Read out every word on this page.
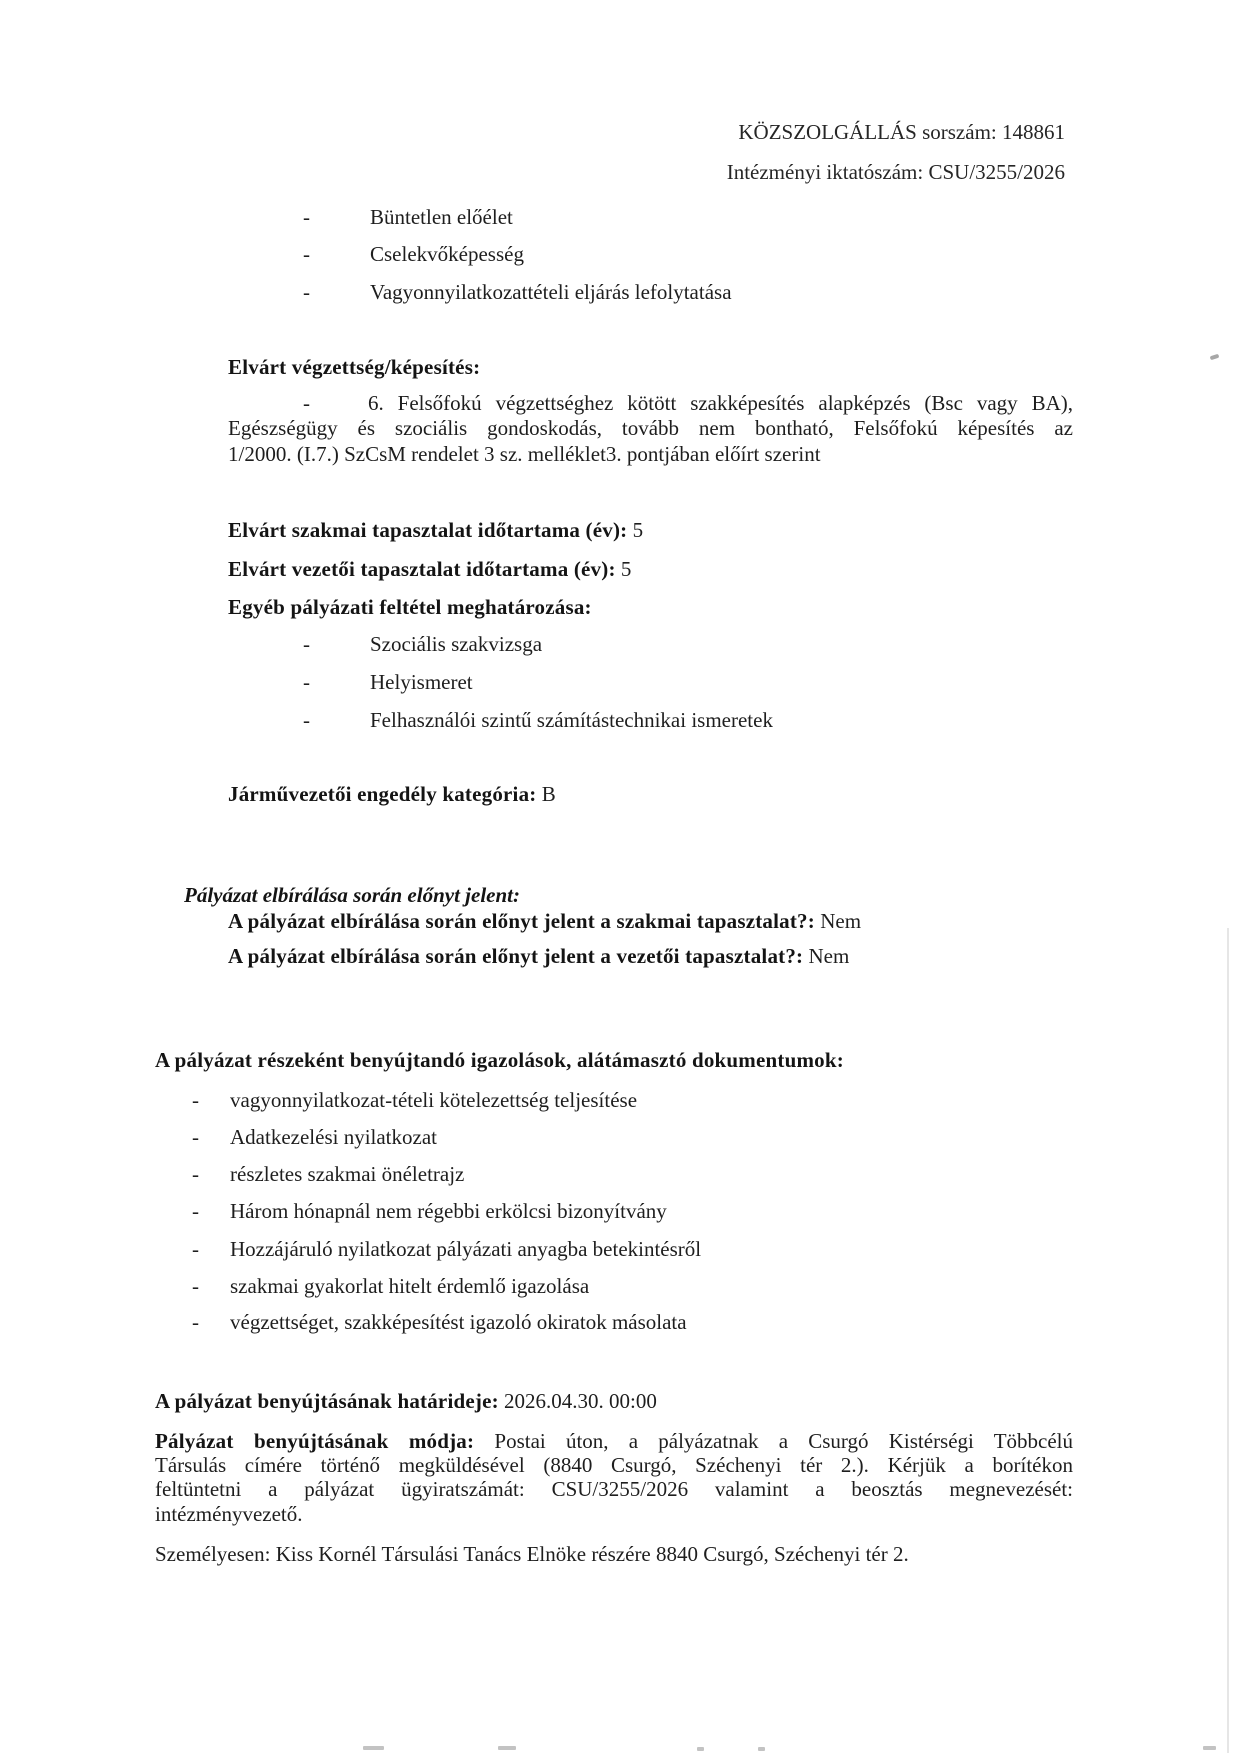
KÖZSZOLGÁLLÁS sorszám: 148861
Intézményi iktatószám: CSU/3255/2026
-	Büntetlen előélet
-	Cselekvőképesség
-	Vagyonnyilatkozattételi eljárás lefolytatása
Elvárt végzettség/képesítés:
-	6. Felsőfokú végzettséghez kötött szakképesítés alapképzés (Bsc vagy BA),
Egészségügy és szociális gondoskodás, tovább nem bontható, Felsőfokú képesítés az
1/2000. (I.7.) SzCsM rendelet 3 sz. melléklet3. pontjában előírt szerint
Elvárt szakmai tapasztalat időtartama (év): 5
Elvárt vezetői tapasztalat időtartama (év): 5
Egyéb pályázati feltétel meghatározása:
-	Szociális szakvizsga
-	Helyismeret
-	Felhasználói szintű számítástechnikai ismeretek
Járművezetői engedély kategória: B
Pályázat elbírálása során előnyt jelent:
A pályázat elbírálása során előnyt jelent a szakmai tapasztalat?: Nem
A pályázat elbírálása során előnyt jelent a vezetői tapasztalat?: Nem
A pályázat részeként benyújtandó igazolások, alátámasztó dokumentumok:
- vagyonnyilatkozat-tételi kötelezettség teljesítése
- Adatkezelési nyilatkozat
- részletes szakmai önéletrajz
- Három hónapnál nem régebbi erkölcsi bizonyítvány
- Hozzájáruló nyilatkozat pályázati anyagba betekintésről
- szakmai gyakorlat hitelt érdemlő igazolása
- végzettséget, szakképesítést igazoló okiratok másolata
A pályázat benyújtásának határideje: 2026.04.30. 00:00
Pályázat benyújtásának módja: Postai úton, a pályázatnak a Csurgó Kistérségi Többcélú
Társulás címére történő megküldésével (8840 Csurgó, Széchenyi tér 2.). Kérjük a borítékon
feltüntetni a pályázat ügyiratszámát: CSU/3255/2026 valamint a beosztás megnevezését:
intézményvezető.
Személyesen: Kiss Kornél Társulási Tanács Elnöke részére 8840 Csurgó, Széchenyi tér 2.
